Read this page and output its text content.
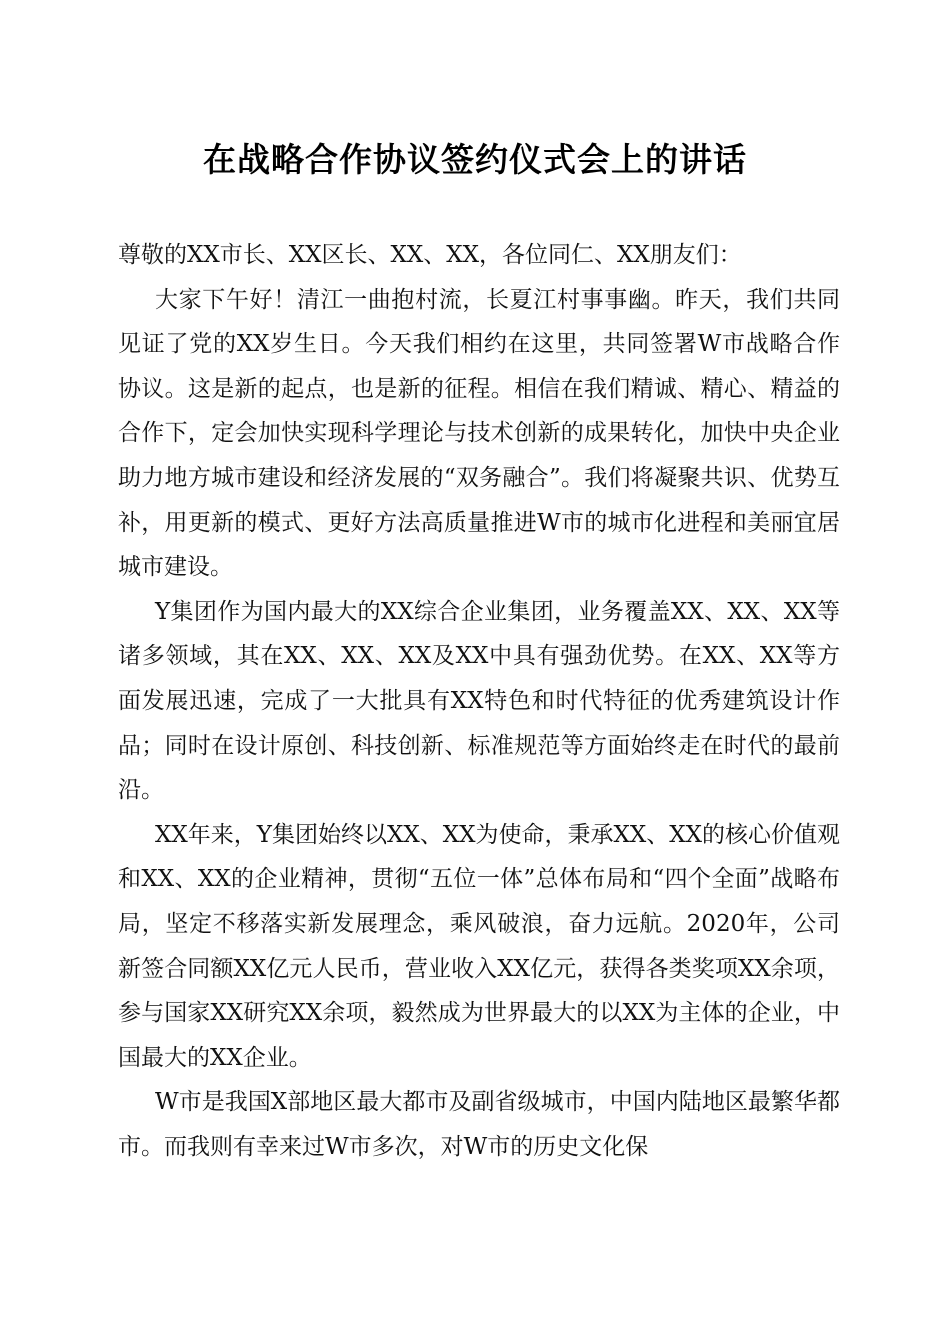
在战略合作协议签约仪式会上的讲话

尊敬的XX市长、XX区长、XX、XX，各位同仁、XX朋友们：

大家下午好！清江一曲抱村流，长夏江村事事幽。昨天，我们共同见证了党的XX岁生日。今天我们相约在这里，共同签署W市战略合作协议。这是新的起点，也是新的征程。相信在我们精诚、精心、精益的合作下，定会加快实现科学理论与技术创新的成果转化，加快中央企业助力地方城市建设和经济发展的“双务融合”。我们将凝聚共识、优势互补，用更新的模式、更好方法高质量推进W市的城市化进程和美丽宜居城市建设。

Y集团作为国内最大的XX综合企业集团，业务覆盖XX、XX、XX等诸多领域，其在XX、XX、XX及XX中具有强劲优势。在XX、XX等方面发展迅速，完成了一大批具有XX特色和时代特征的优秀建筑设计作品；同时在设计原创、科技创新、标准规范等方面始终走在时代的最前沿。

XX年来，Y集团始终以XX、XX为使命，秉承XX、XX的核心价值观和XX、XX的企业精神，贯彻“五位一体”总体布局和“四个全面”战略布局，坚定不移落实新发展理念，乘风破浪，奋力远航。2020年，公司新签合同额XX亿元人民币，营业收入XX亿元，获得各类奖项XX余项，参与国家XX研究XX余项，毅然成为世界最大的以XX为主体的企业，中国最大的XX企业。

W市是我国X部地区最大都市及副省级城市，中国内陆地区最繁华都市。而我则有幸来过W市多次，对W市的历史文化保
